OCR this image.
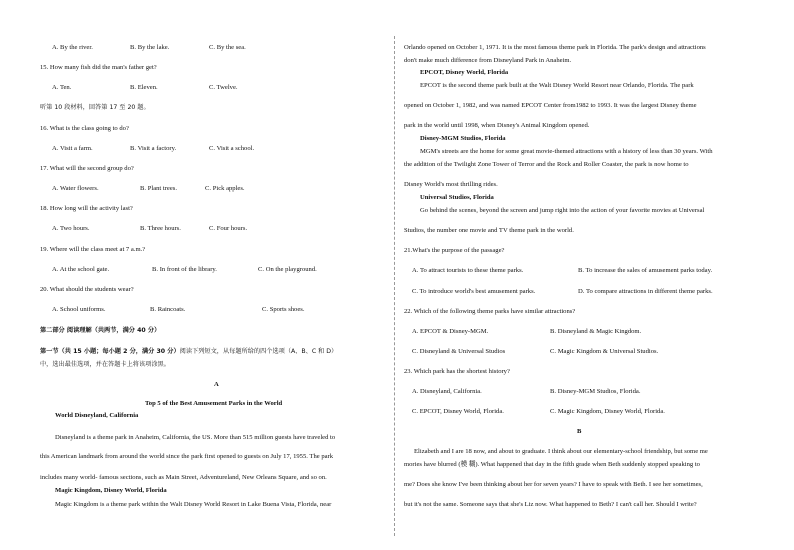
A. By the river.	B. By the lake.	C. By the sea.
15. How many fish did the man's father get?
A. Ten.	B. Eleven.	C. Twelve.
听第 10 段材料，回答第 17 至 20 题。
16. What is the class going to do?
A. Visit a farm.	B. Visit a factory.	C. Visit a school.
17. What will the second group do?
A. Water flowers.	B. Plant trees.	C. Pick apples.
18. How long will the activity last?
A. Two hours.	B. Three hours.	C. Four hours.
19. Where will the class meet at 7 a.m.?
A. At the school gate.	B. In front of the library.	C. On the playground.
20. What should the students wear?
A. School uniforms.	B. Raincoats.	C. Sports shoes.
第二部分 阅读理解（共两节，满分 40 分）
第一节（共 15 小题；每小题 2 分，满分 30 分）阅读下列短文，从每题所给的四个选项（A、B、C 和 D）
中，选出最佳选项，并在答题卡上将该项涂黑。
A
Top 5 of the Best Amusement Parks in the World
World Disneyland, California
Disneyland is a theme park in Anaheim, California, the US. More than 515 million guests have traveled to
this American landmark from around the world since the park first opened to guests on July 17, 1955. The park
includes many world- famous sections, such as Main Street, Adventureland, New Orleans Square, and so on.
Magic Kingdom, Disney World, Florida
Magic Kingdom is a theme park within the Walt Disney World Resort in Lake Buena Vista, Florida, near
Orlando opened on October 1, 1971. It is the most famous theme park in Florida. The park's design and attractions
don't make much difference from Disneyland Park in Anaheim.
EPCOT, Disney World, Florida
EPCOT is the second theme park built at the Walt Disney World Resort near Orlando, Florida. The park
opened on October 1, 1982, and was named EPCOT Center from1982 to 1993. It was the largest Disney theme
park in the world until 1998, when Disney's Animal Kingdom opened.
Disney-MGM Studios, Florida
MGM's streets are the home for some great movie-themed attractions with a history of less than 30 years. With
the addition of the Twilight Zone Tower of Terror and the Rock and Roller Coaster, the park is now home to
Disney World's most thrilling rides.
Universal Studios, Florida
Go behind the scenes, beyond the screen and jump right into the action of your favorite movies at Universal
Studios, the number one movie and TV theme park in the world.
21.What's the purpose of the passage?
A. To attract tourists to these theme parks.	B. To increase the sales of amusement parks today.
C. To introduce world's best amusement parks.	D. To compare attractions in different theme parks.
22. Which of the following theme parks have similar attractions?
A. EPCOT & Disney-MGM.	B. Disneyland & Magic Kingdom.
C. Disneyland & Universal Studios	C. Magic Kingdom & Universal Studios.
23. Which park has the shortest history?
A. Disneyland, California.	B. Disney-MGM Studios, Florida.
C. EPCOT, Disney World, Florida.	C. Magic Kingdom, Disney World, Florida.
B
Elizabeth and I are 18 now, and about to graduate. I think about our elementary-school friendship, but some me
mories have blurred (模 糊). What happened that day in the fifth grade when Beth suddenly stopped speaking to
me? Does she know I've been thinking about her for seven years? I have to speak with Beth. I see her sometimes,
but it's not the same. Someone says that she's Liz now. What happened to Beth? I can't call her. Should I write?
